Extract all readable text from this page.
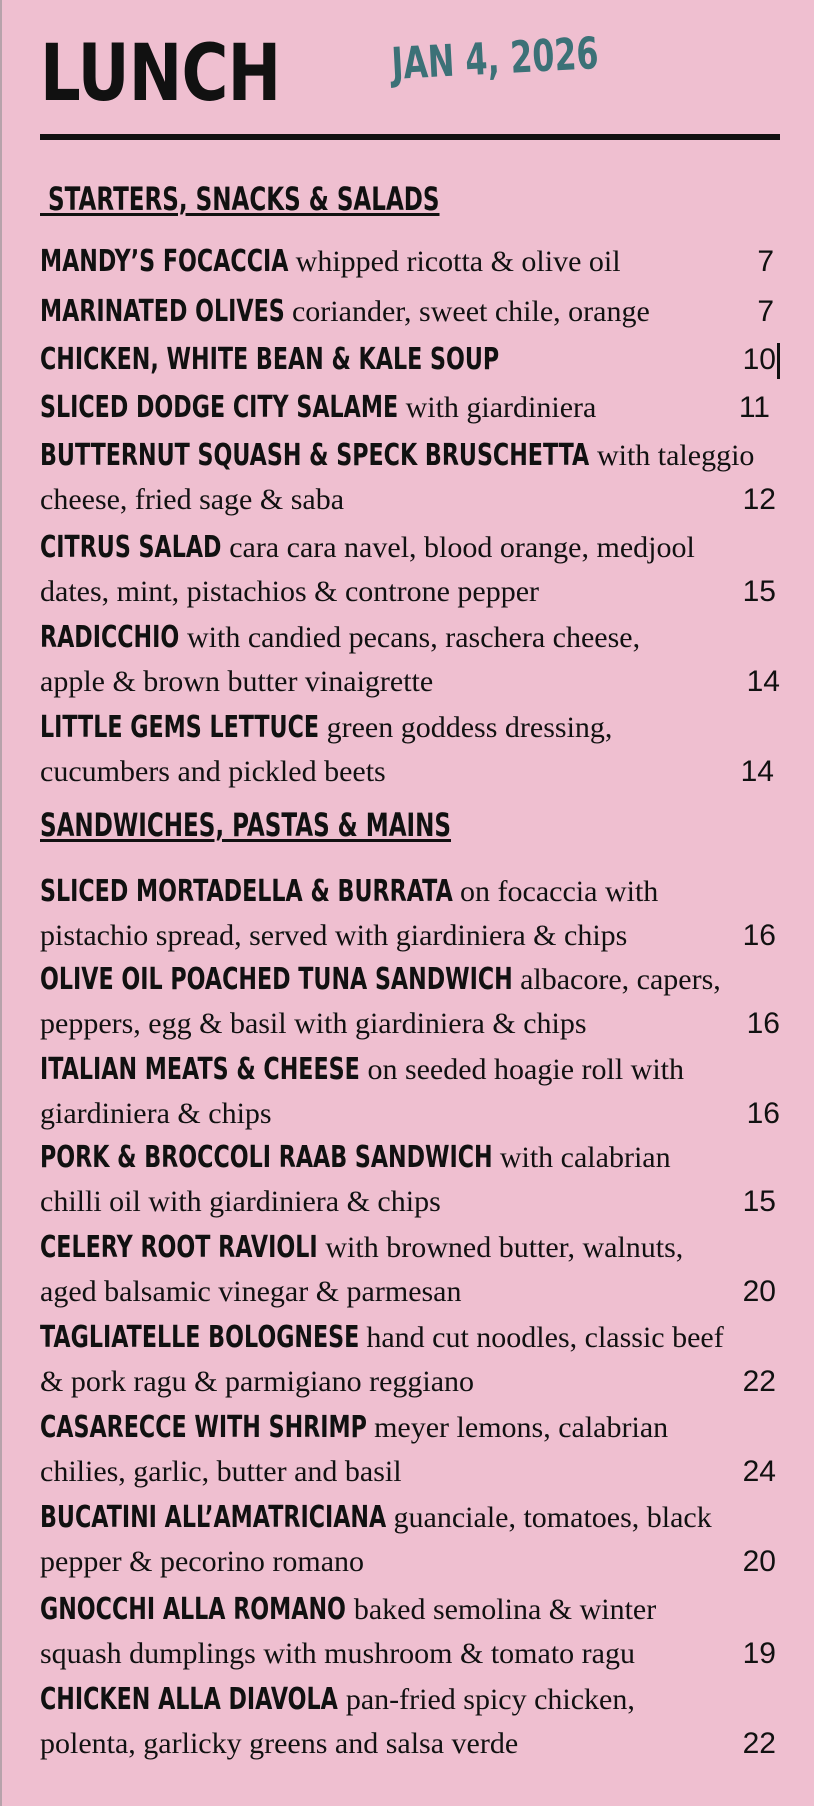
LUNCH JAN 4, 2026
STARTERS, SNACKS & SALADS
MANDY’S FOCACCIA whipped ricotta & olive oil	7
MARINATED OLIVES coriander, sweet chile, orange	7
CHICKEN, WHITE BEAN & KALE SOUP	10
SLICED DODGE CITY SALAME with giardiniera	11
BUTTERNUT SQUASH & SPECK BRUSCHETTA with taleggio
cheese, fried sage & saba	12
CITRUS SALAD cara cara navel, blood orange, medjool
dates, mint, pistachios & controne pepper	15
RADICCHIO with candied pecans, raschera cheese,
apple & brown butter vinaigrette	14
LITTLE GEMS LETTUCE green goddess dressing,
cucumbers and pickled beets	14
SANDWICHES, PASTAS & MAINS
SLICED MORTADELLA & BURRATA on focaccia with
pistachio spread, served with giardiniera & chips	16
OLIVE OIL POACHED TUNA SANDWICH albacore, capers,
peppers, egg & basil with giardiniera & chips	16
ITALIAN MEATS & CHEESE on seeded hoagie roll with
giardiniera & chips	16
PORK & BROCCOLI RAAB SANDWICH with calabrian
chilli oil with giardiniera & chips	15
CELERY ROOT RAVIOLI with browned butter, walnuts,
aged balsamic vinegar & parmesan	20
TAGLIATELLE BOLOGNESE hand cut noodles, classic beef
& pork ragu & parmigiano reggiano	22
CASARECCE WITH SHRIMP meyer lemons, calabrian
chilies, garlic, butter and basil	24
BUCATINI ALL’AMATRICIANA guanciale, tomatoes, black
pepper & pecorino romano	20
GNOCCHI ALLA ROMANO baked semolina & winter
squash dumplings with mushroom & tomato ragu	19
CHICKEN ALLA DIAVOLA pan-fried spicy chicken,
polenta, garlicky greens and salsa verde	22
